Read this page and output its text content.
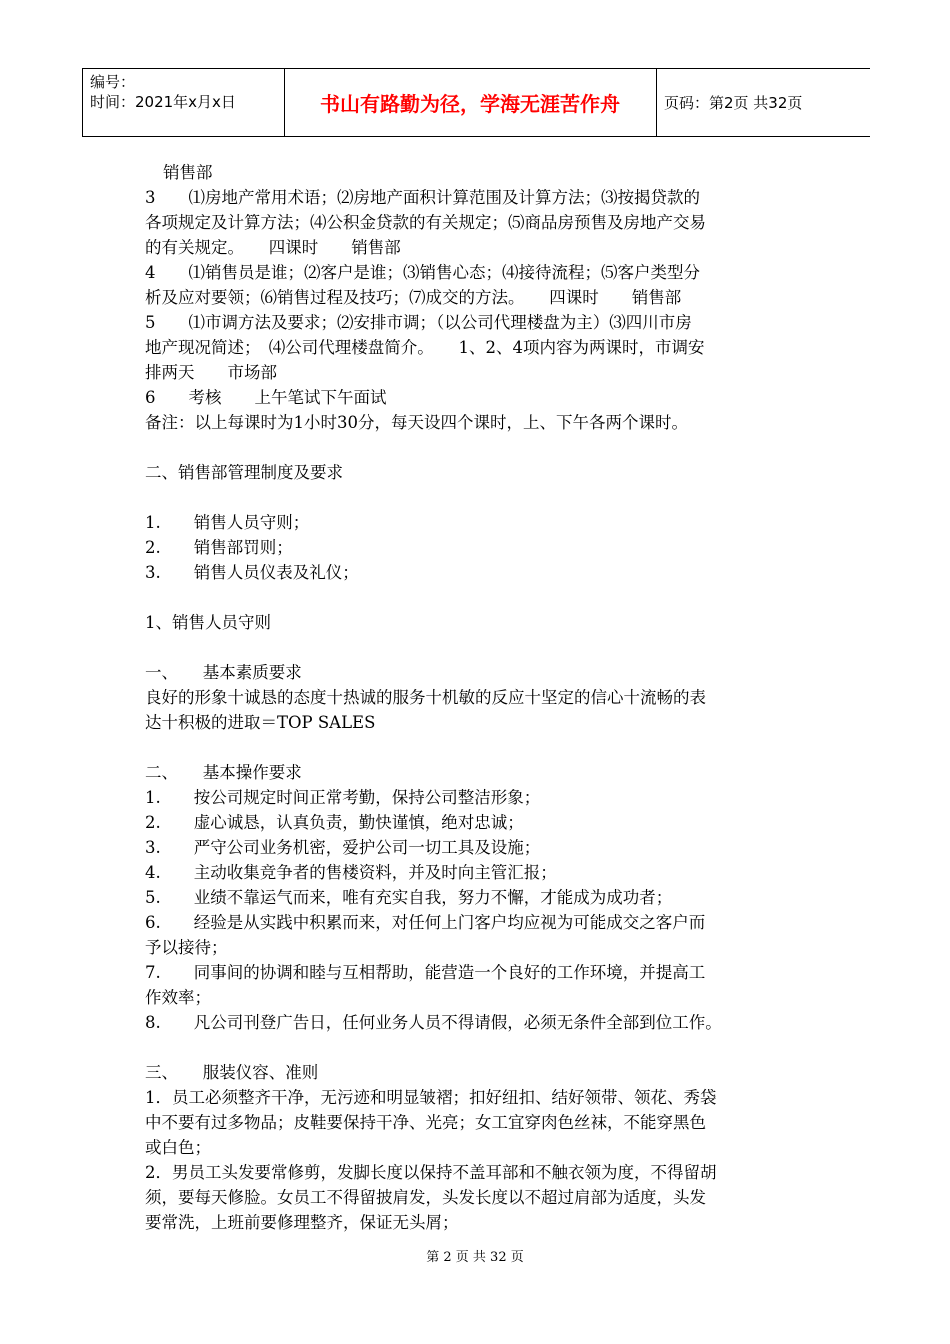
编号：
时间：2021年x月x日	书山有路勤为径，学海无涯苦作舟	页码：第2页 共32页
销售部
3　　⑴房地产常用术语；⑵房地产面积计算范围及计算方法；⑶按揭贷款的
各项规定及计算方法；⑷公积金贷款的有关规定；⑸商品房预售及房地产交易
的有关规定。　　四课时　　销售部
4　　⑴销售员是谁；⑵客户是谁；⑶销售心态；⑷接待流程；⑸客户类型分
析及应对要领；⑹销售过程及技巧；⑺成交的方法。　　四课时　　销售部
5　　⑴市调方法及要求；⑵安排市调；（以公司代理楼盘为主）⑶四川市房
地产现况简述；　⑷公司代理楼盘简介。　　1、2、4项内容为两课时，市调安
排两天　　市场部
6　　考核　　上午笔试下午面试
备注：以上每课时为1小时30分，每天设四个课时，上、下午各两个课时。
二、销售部管理制度及要求
1.　　销售人员守则；
2.　　销售部罚则；
3.　　销售人员仪表及礼仪；
1、销售人员守则
一、　　基本素质要求
良好的形象十诚恳的态度十热诚的服务十机敏的反应十坚定的信心十流畅的表
达十积极的进取＝TOP SALES
二、　　基本操作要求
1.　　按公司规定时间正常考勤，保持公司整洁形象；
2.　　虚心诚恳，认真负责，勤快谨慎，绝对忠诚；
3.　　严守公司业务机密，爱护公司一切工具及设施；
4.　　主动收集竞争者的售楼资料，并及时向主管汇报；
5.　　业绩不靠运气而来，唯有充实自我，努力不懈，才能成为成功者；
6.　　经验是从实践中积累而来，对任何上门客户均应视为可能成交之客户而
予以接待；
7.　　同事间的协调和睦与互相帮助，能营造一个良好的工作环境，并提高工
作效率；
8.　　凡公司刊登广告日，任何业务人员不得请假，必须无条件全部到位工作。
三、　　服装仪容、准则
1．员工必须整齐干净，无污迹和明显皱褶；扣好纽扣、结好领带、领花、秀袋
中不要有过多物品；皮鞋要保持干净、光亮；女工宜穿肉色丝袜，不能穿黑色
或白色；
2．男员工头发要常修剪，发脚长度以保持不盖耳部和不触衣领为度，不得留胡
须，要每天修脸。女员工不得留披肩发，头发长度以不超过肩部为适度，头发
要常洗，上班前要修理整齐，保证无头屑；
第 2 页 共 32 页
